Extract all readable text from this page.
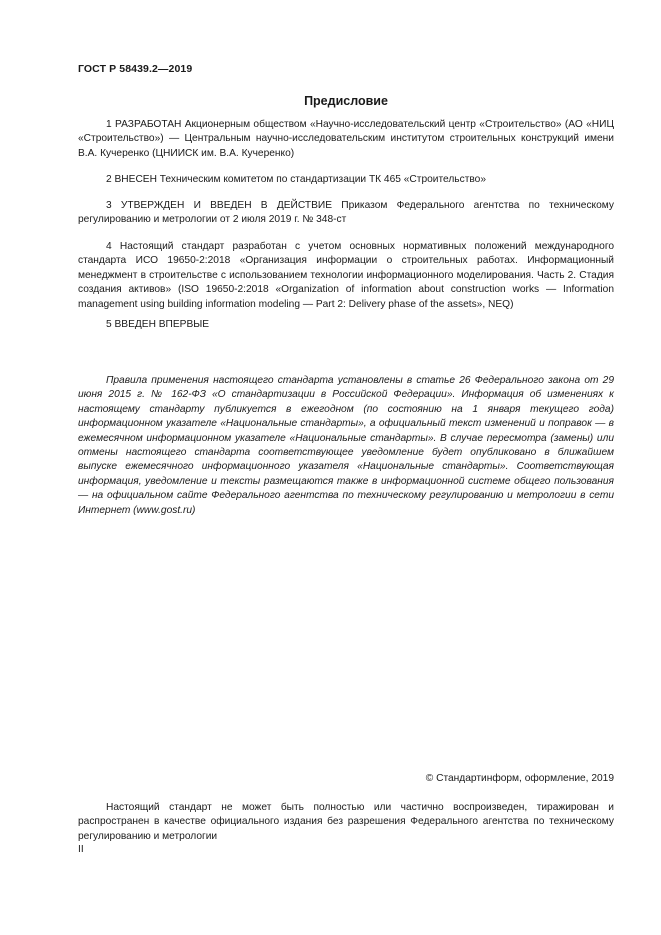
ГОСТ Р 58439.2—2019
Предисловие
1 РАЗРАБОТАН Акционерным обществом «Научно-исследовательский центр «Строительство» (АО «НИЦ «Строительство») — Центральным научно-исследовательским институтом строительных конструкций имени В.А. Кучеренко (ЦНИИСК им. В.А. Кучеренко)
2 ВНЕСЕН Техническим комитетом по стандартизации ТК 465 «Строительство»
3 УТВЕРЖДЕН И ВВЕДЕН В ДЕЙСТВИЕ Приказом Федерального агентства по техническому регулированию и метрологии от 2 июля 2019 г. № 348-ст
4 Настоящий стандарт разработан с учетом основных нормативных положений международного стандарта ИСО 19650-2:2018 «Организация информации о строительных работах. Информационный менеджмент в строительстве с использованием технологии информационного моделирования. Часть 2. Стадия создания активов» (ISO 19650-2:2018 «Organization of information about construction works — Information management using building information modeling — Part 2: Delivery phase of the assets», NEQ)
5 ВВЕДЕН ВПЕРВЫЕ
Правила применения настоящего стандарта установлены в статье 26 Федерального закона от 29 июня 2015 г. № 162-ФЗ «О стандартизации в Российской Федерации». Информация об изменениях к настоящему стандарту публикуется в ежегодном (по состоянию на 1 января текущего года) информационном указателе «Национальные стандарты», а официальный текст изменений и поправок — в ежемесячном информационном указателе «Национальные стандарты». В случае пересмотра (замены) или отмены настоящего стандарта соответствующее уведомление будет опубликовано в ближайшем выпуске ежемесячного информационного указателя «Национальные стандарты». Соответствующая информация, уведомление и тексты размещаются также в информационной системе общего пользования — на официальном сайте Федерального агентства по техническому регулированию и метрологии в сети Интернет (www.gost.ru)
© Стандартинформ, оформление, 2019
Настоящий стандарт не может быть полностью или частично воспроизведен, тиражирован и распространен в качестве официального издания без разрешения Федерального агентства по техническому регулированию и метрологии
II
